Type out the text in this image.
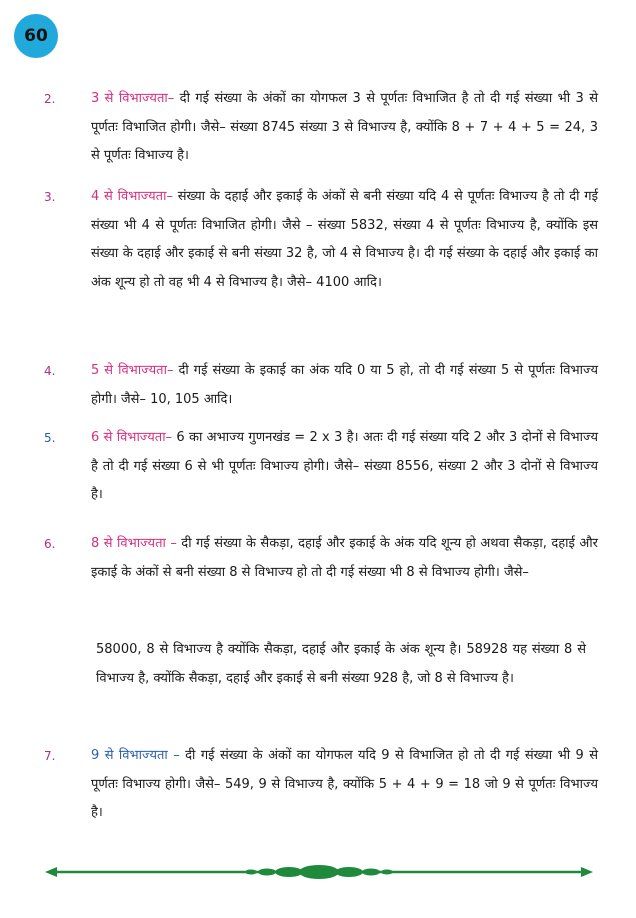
60
2.	3 से विभाज्यता– दी गई संख्या के अंकों का योगफल 3 से पूर्णतः विभाजित है तो दी गई संख्या भी 3 से पूर्णतः विभाजित होगी। जैसे– संख्या 8745 संख्या 3 से विभाज्य है, क्योंकि 8 + 7 + 4 + 5 = 24, 3 से पूर्णतः विभाज्य है।
3.	4 से विभाज्यता– संख्या के दहाई और इकाई के अंकों से बनी संख्या यदि 4 से पूर्णतः विभाज्य है तो दी गई संख्या भी 4 से पूर्णतः विभाजित होगी। जैसे – संख्या 5832, संख्या 4 से पूर्णतः विभाज्य है, क्योंकि इस संख्या के दहाई और इकाई से बनी संख्या 32 है, जो 4 से विभाज्य है। दी गई संख्या के दहाई और इकाई का अंक शून्य हो तो वह भी 4 से विभाज्य है। जैसे– 4100 आदि।
4.	5 से विभाज्यता– दी गई संख्या के इकाई का अंक यदि 0 या 5 हो, तो दी गई संख्या 5 से पूर्णतः विभाज्य होगी। जैसे– 10, 105 आदि।
5.	6 से विभाज्यता– 6 का अभाज्य गुणनखंड = 2 x 3 है। अतः दी गई संख्या यदि 2 और 3 दोनों से विभाज्य है तो दी गई संख्या 6 से भी पूर्णतः विभाज्य होगी। जैसे– संख्या 8556, संख्या 2 और 3 दोनों से विभाज्य है।
6.	8 से विभाज्यता – दी गई संख्या के सैकड़ा, दहाई और इकाई के अंक यदि शून्य हो अथवा सैकड़ा, दहाई और इकाई के अंकों से बनी संख्या 8 से विभाज्य हो तो दी गई संख्या भी 8 से विभाज्य होगी। जैसे–
58000, 8 से विभाज्य है क्योंकि सैकड़ा, दहाई और इकाई के अंक शून्य है। 58928 यह संख्या 8 से विभाज्य है, क्योंकि सैकड़ा, दहाई और इकाई से बनी संख्या 928 है, जो 8 से विभाज्य है।
7.	9 से विभाज्यता – दी गई संख्या के अंकों का योगफल यदि 9 से विभाजित हो तो दी गई संख्या भी 9 से पूर्णतः विभाज्य होगी। जैसे– 549, 9 से विभाज्य है, क्योंकि 5 + 4 + 9 = 18 जो 9 से पूर्णतः विभाज्य है।
